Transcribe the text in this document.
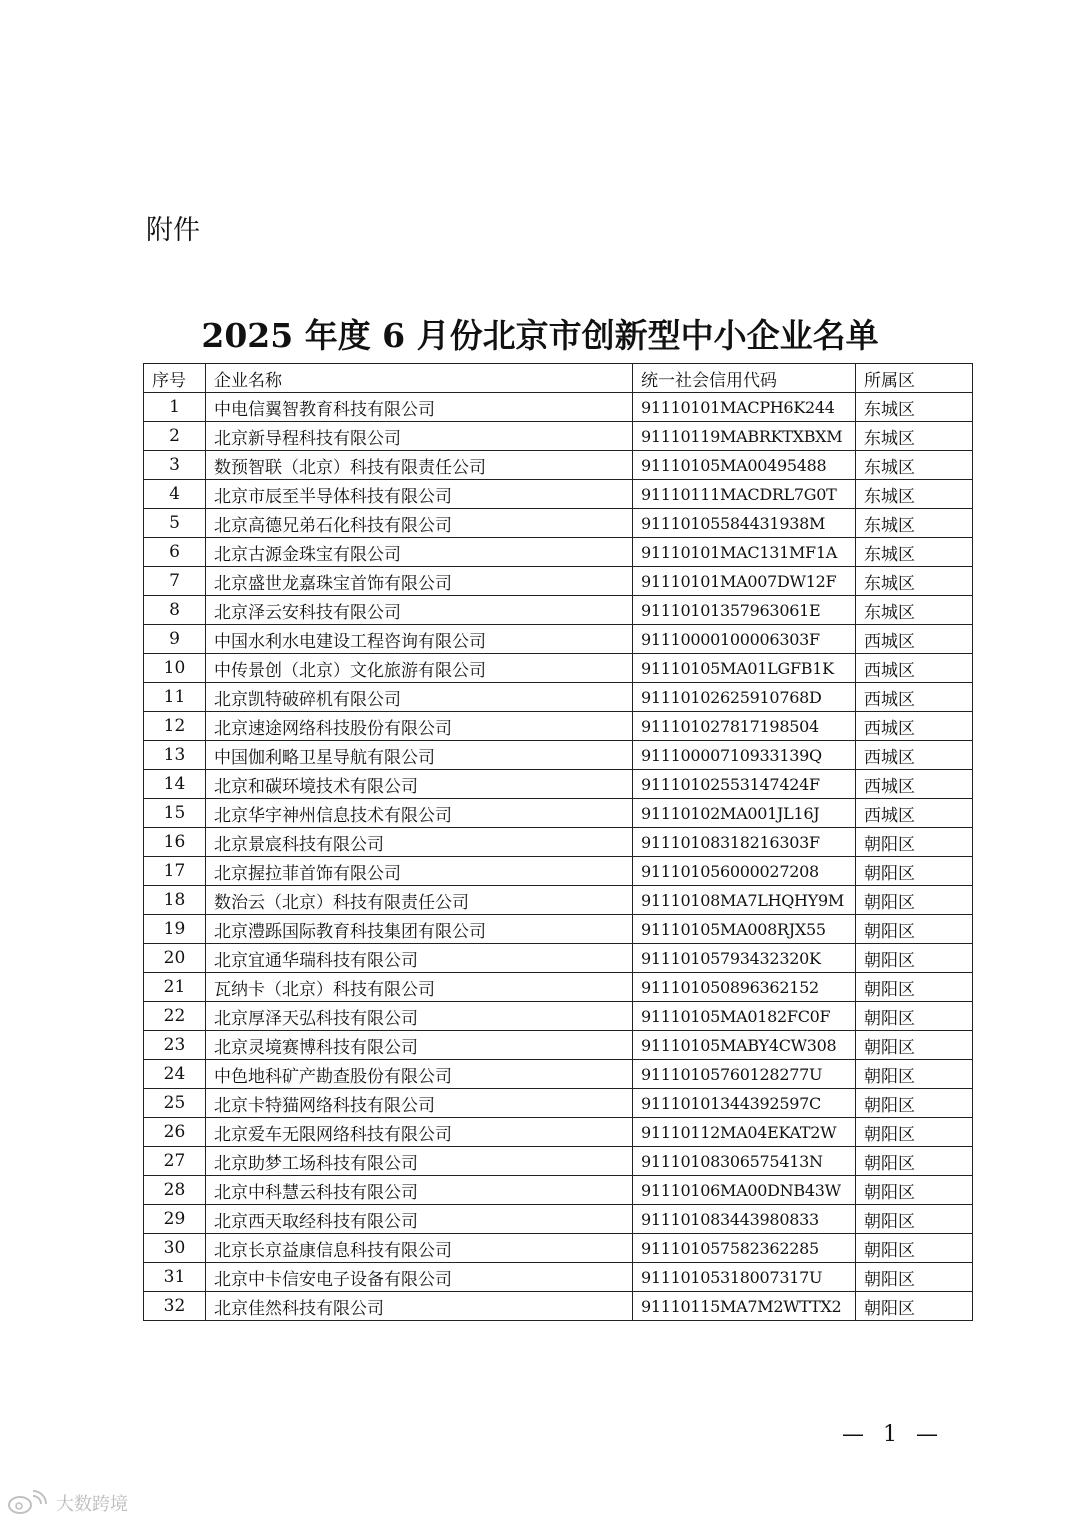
附件
2025 年度 6 月份北京市创新型中小企业名单
序号	企业名称	统一社会信用代码	所属区
1	中电信翼智教育科技有限公司	91110101MACPH6K244	东城区
2	北京新导程科技有限公司	91110119MABRKTXBXM	东城区
3	数预智联（北京）科技有限责任公司	91110105MA00495488	东城区
4	北京市辰至半导体科技有限公司	91110111MACDRL7G0T	东城区
5	北京高德兄弟石化科技有限公司	91110105584431938M	东城区
6	北京古源金珠宝有限公司	91110101MAC131MF1A	东城区
7	北京盛世龙嘉珠宝首饰有限公司	91110101MA007DW12F	东城区
8	北京泽云安科技有限公司	91110101357963061E	东城区
9	中国水利水电建设工程咨询有限公司	91110000100006303F	西城区
10	中传景创（北京）文化旅游有限公司	91110105MA01LGFB1K	西城区
11	北京凯特破碎机有限公司	91110102625910768D	西城区
12	北京速途网络科技股份有限公司	911101027817198504	西城区
13	中国伽利略卫星导航有限公司	91110000710933139Q	西城区
14	北京和碳环境技术有限公司	91110102553147424F	西城区
15	北京华宇神州信息技术有限公司	91110102MA001JL16J	西城区
16	北京景宸科技有限公司	91110108318216303F	朝阳区
17	北京握拉菲首饰有限公司	911101056000027208	朝阳区
18	数治云（北京）科技有限责任公司	91110108MA7LHQHY9M	朝阳区
19	北京澧跞国际教育科技集团有限公司	91110105MA008RJX55	朝阳区
20	北京宜通华瑞科技有限公司	91110105793432320K	朝阳区
21	瓦纳卡（北京）科技有限公司	911101050896362152	朝阳区
22	北京厚泽天弘科技有限公司	91110105MA0182FC0F	朝阳区
23	北京灵境赛博科技有限公司	91110105MABY4CW308	朝阳区
24	中色地科矿产勘查股份有限公司	91110105760128277U	朝阳区
25	北京卡特猫网络科技有限公司	91110101344392597C	朝阳区
26	北京爱车无限网络科技有限公司	91110112MA04EKAT2W	朝阳区
27	北京助梦工场科技有限公司	91110108306575413N	朝阳区
28	北京中科慧云科技有限公司	91110106MA00DNB43W	朝阳区
29	北京西天取经科技有限公司	911101083443980833	朝阳区
30	北京长京益康信息科技有限公司	911101057582362285	朝阳区
31	北京中卡信安电子设备有限公司	91110105318007317U	朝阳区
32	北京佳然科技有限公司	91110115MA7M2WTTX2	朝阳区
— 1 —
大数跨境
